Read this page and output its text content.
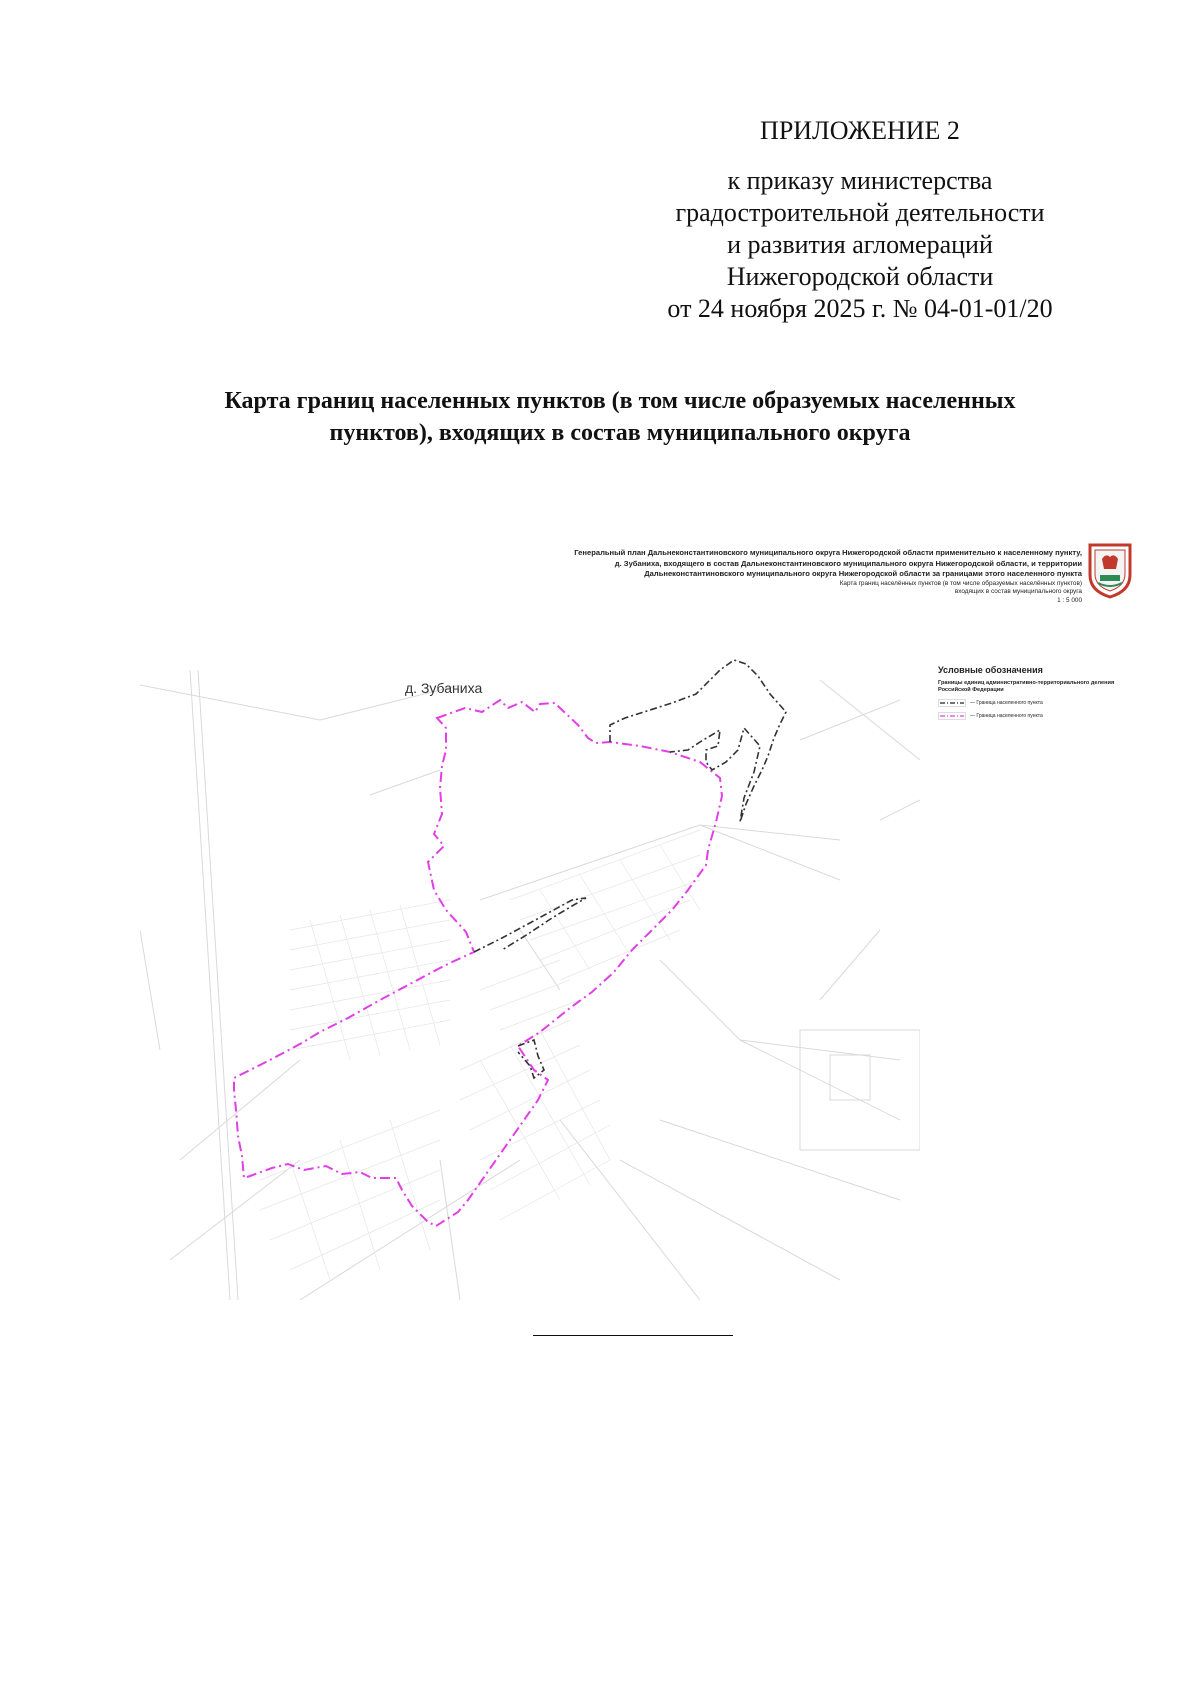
ПРИЛОЖЕНИЕ 2
к приказу министерства
градостроительной деятельности
и развития агломераций
Нижегородской области
от 24 ноября 2025 г. № 04-01-01/20
Карта границ населенных пунктов (в том числе образуемых населенных
пунктов), входящих в состав муниципального округа
Генеральный план Дальнеконстантиновского муниципального округа Нижегородской области применительно к населенному пункту,
д. Зубаниха, входящего в состав Дальнеконстантиновского муниципального округа Нижегородской области, и территории
Дальнеконстантиновского муниципального округа Нижегородской области за границами этого населенного пункта
Карта границ населённых пунктов (в том числе образуемых населённых пунктов)
входящих в состав муниципального округа
1 : 5 000
Условные обозначения
Границы единиц административно-территориального деления Российской Федерации
— Граница населенного пункта
— Граница населенного пункта
д. Зубаниха
